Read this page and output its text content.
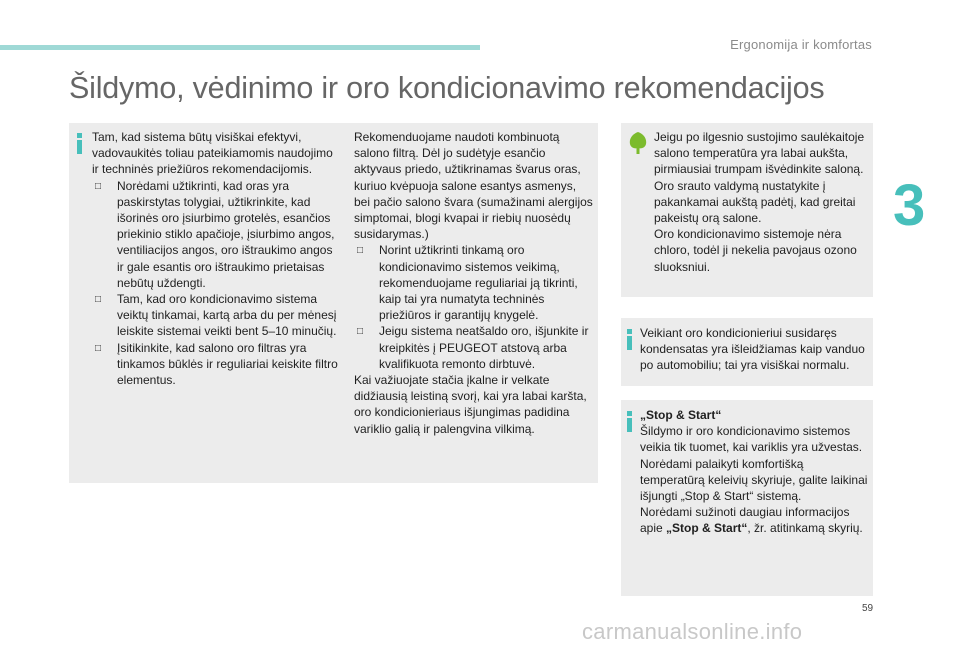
Ergonomija ir komfortas
3
Šildymo, vėdinimo ir oro kondicionavimo rekomendacijos

Tam, kad sistema būtų visiškai efektyvi, vadovaukitės toliau pateikiamomis naudojimo ir techninės priežiūros rekomendacijomis.

□ Norėdami užtikrinti, kad oras yra paskirstytas tolygiai, užtikrinkite, kad išorinės oro įsiurbimo grotelės, esančios priekinio stiklo apačioje, įsiurbimo angos, ventiliacijos angos, oro ištraukimo angos ir gale esantis oro ištraukimo prietaisas nebūtų uždengti.
□ Tam, kad oro kondicionavimo sistema veiktų tinkamai, kartą arba du per mėnesį leiskite sistemai veikti bent 5–10 minučių.
□ Įsitikinkite, kad salono oro filtras yra tinkamos būklės ir reguliariai keiskite filtro elementus.

Rekomenduojame naudoti kombinuotą salono filtrą. Dėl jo sudėtyje esančio aktyvaus priedo, užtikrinamas švarus oras, kuriuo kvėpuoja salone esantys asmenys, bei pačio salono švara (sumažinami alergijos simptomai, blogi kvapai ir riebių nuosėdų susidarymas.)

□ Norint užtikrinti tinkamą oro kondicionavimo sistemos veikimą, rekomenduojame reguliariai ją tikrinti, kaip tai yra numatyta techninės priežiūros ir garantijų knygelė.
□ Jeigu sistema neatšaldo oro, išjunkite ir kreipkitės į PEUGEOT atstovą arba kvalifikuota remonto dirbtuvė.

Kai važiuojate stačia įkalne ir velkate didžiausią leistiną svorį, kai yra labai karšta, oro kondicionieriaus išjungimas padidina variklio galią ir palengvina vilkimą.

Jeigu po ilgesnio sustojimo saulėkaitoje salono temperatūra yra labai aukšta, pirmiausiai trumpam išvėdinkite saloną. Oro srauto valdymą nustatykite į pakankamai aukštą padėtį, kad greitai pakeistų orą salone.

Oro kondicionavimo sistemoje nėra chloro, todėl ji nekelia pavojaus ozono sluoksniui.

Veikiant oro kondicionieriui susidaręs kondensatas yra išleidžiamas kaip vanduo po automobiliu; tai yra visiškai normalu.

„Stop & Start“

Šildymo ir oro kondicionavimo sistemos veikia tik tuomet, kai variklis yra užvestas. Norėdami palaikyti komfortišką temperatūrą keleivių skyriuje, galite laikinai išjungti „Stop & Start“ sistemą.

Norėdami sužinoti daugiau informacijos apie „Stop & Start“, žr. atitinkamą skyrių.

59
carmanualsonline.info
